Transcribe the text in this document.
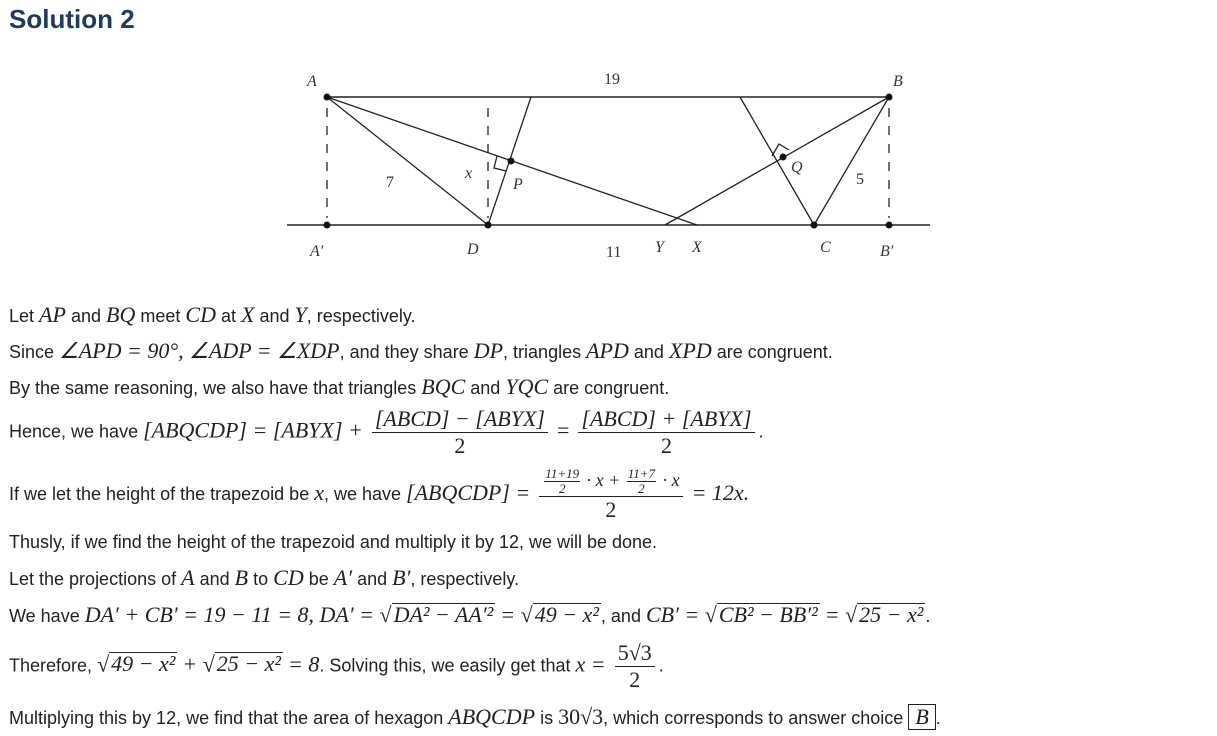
Solution 2
A	B
A′	D	Y X	C	B′
P
Q
x
19
11
7	5
Let AP and BQ meet CD at X and Y, respectively.
Since ∠APD = 90°, ∠ADP = ∠XDP, and they share DP, triangles APD and XPD are congruent.
By the same reasoning, we also have that triangles BQC and YQC are congruent.
Hence, we have [ABQCDP] = [ABYX] + $\frac{\text{[ABCD] − [ABYX]}}{2} = \frac{\text{[ABCD] + [ABYX]}}{2}$ .
If we let the height of the trapezoid be x, we have [ABQCDP] = $\frac{\frac{11+19}{2} \cdot x + \frac{11+7}{2} \cdot x}{2} = 12x$.
Thusly, if we find the height of the trapezoid and multiply it by 12, we will be done.
Let the projections of A and B to CD be A′ and B′, respectively.
We have DA′ + CB′ = 19 − 11 = 8, DA′ = √DA² − AA′² = √49 − x² , and CB′ = √CB² − BB′² = √25 − x² .
Therefore, √49 − x² + √25 − x² = 8. Solving this, we easily get that $x = \frac{5√3}{2}$ .
Multiplying this by 12, we find that the area of hexagon ABQCDP is 30√3, which corresponds to answer choice B .
